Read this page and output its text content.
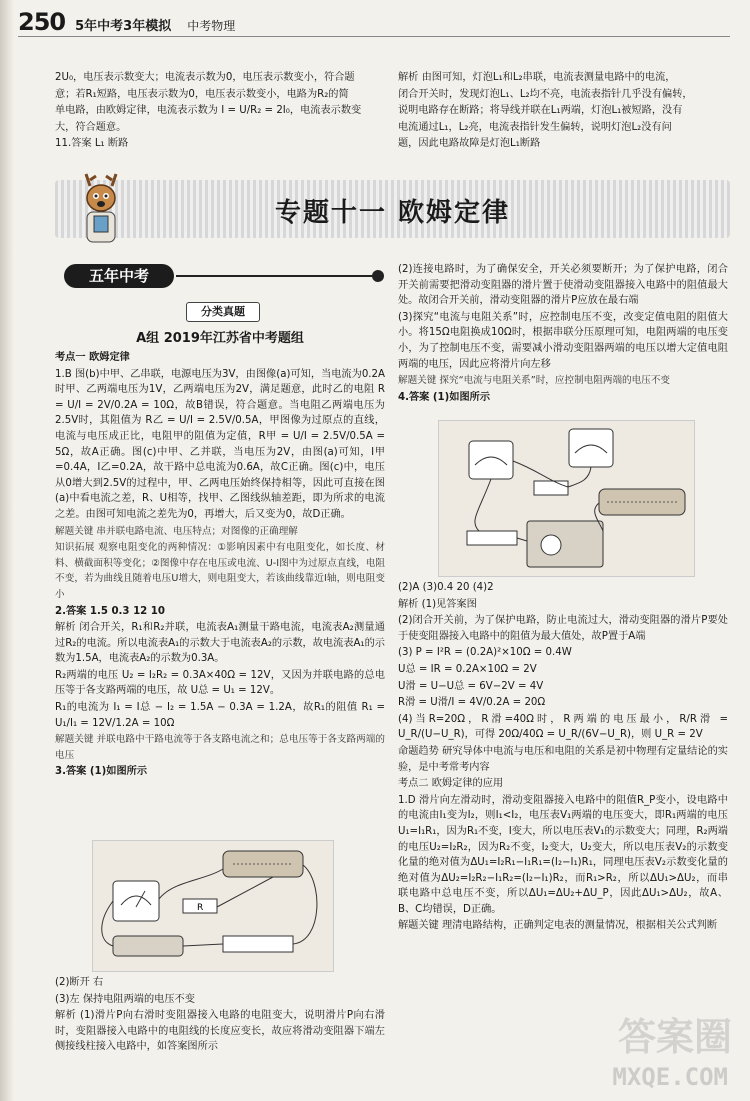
250 5年中考3年模拟 中考物理

2U₀，电压表示数变大；电流表示数为0，电压表示数变小，符合题

意；若R₁短路，电压表示数为0，电压表示数变小，电路为R₂的简

单电路，由欧姆定律，电流表示数为 I = U/R₂ = 2I₀，电流表示数变

大，符合题意。

11.答案 L₁ 断路

解析 由图可知，灯泡L₁和L₂串联，电流表测量电路中的电流，

闭合开关时，发现灯泡L₁、L₂均不亮，电流表指针几乎没有偏转，

说明电路存在断路；将导线并联在L₁两端，灯泡L₁被短路，没有

电流通过L₁，L₂亮，电流表指针发生偏转，说明灯泡L₂没有问

题，因此电路故障是灯泡L₁断路

专题十一 欧姆定律
五年中考
分类真题
A组 2019年江苏省中考题组

考点一 欧姆定律

1.B 图(b)中甲、乙串联，电源电压为3V，由图像(a)可知，当电流为0.2A时甲、乙两端电压为1V，乙两端电压为2V，满足题意，此时乙的电阻 R = U/I = 2V/0.2A = 10Ω，故B错误，符合题意。当电阻乙两端电压为2.5V时，其阻值为 R乙 = U/I = 2.5V/0.5A，甲图像为过原点的直线，电流与电压成正比，电阻甲的阻值为定值，R甲 = U/I = 2.5V/0.5A = 5Ω，故A正确。图(c)中甲、乙并联，当电压为2V，由图(a)可知，I甲=0.4A，I乙=0.2A，故干路中总电流为0.6A，故C正确。图(c)中，电压从0增大到2.5V的过程中，甲、乙两电压始终保持相等，因此可直接在图(a)中看电流之差，R、U相等，找甲、乙图线纵轴差距，即为所求的电流之差。由图可知电流之差先为0，再增大，后又变为0，故D正确。

解题关键 串并联电路电流、电压特点；对图像的正确理解

知识拓展 观察电阻变化的两种情况：①影响因素中有电阻变化，如长度、材料、横截面积等变化；②图像中存在电压或电流、U-I图中为过原点直线，电阻不变，若为曲线且随着电压U增大，则电阻变大，若该曲线靠近I轴，则电阻变小

2.答案 1.5 0.3 12 10

解析 闭合开关，R₁和R₂并联，电流表A₁测量干路电流，电流表A₂测量通过R₂的电流。所以电流表A₁的示数大于电流表A₂的示数，故电流表A₁的示数为1.5A，电流表A₂的示数为0.3A。

R₂两端的电压 U₂ = I₂R₂ = 0.3A×40Ω = 12V，又因为并联电路的总电压等于各支路两端的电压，故 U总 = U₁ = 12V。

R₁的电流为 I₁ = I总 − I₂ = 1.5A − 0.3A = 1.2A，故R₁的阻值 R₁ = U₁/I₁ = 12V/1.2A = 10Ω

解题关键 并联电路中干路电流等于各支路电流之和；总电压等于各支路两端的电压

3.答案 (1)如图所示

R

(2)断开 右

(3)左 保持电阻两端的电压不变

解析 (1)滑片P向右滑时变阻器接入电路的电阻变大，说明滑片P向右滑时，变阻器接入电路中的电阻线的长度应变长，故应将滑动变阻器下端左侧接线柱接入电路中，如答案图所示

(2)连接电路时，为了确保安全，开关必须要断开；为了保护电路，闭合开关前需要把滑动变阻器的滑片置于使滑动变阻器接入电路中的阻值最大处。故闭合开关前，滑动变阻器的滑片P应放在最右端

(3)探究“电流与电阻关系”时，应控制电压不变，改变定值电阻的阻值大小。将15Ω电阻换成10Ω时，根据串联分压原理可知，电阻两端的电压变小，为了控制电压不变，需要减小滑动变阻器两端的电压以增大定值电阻两端的电压，因此应将滑片向左移

解题关键 探究“电流与电阻关系”时，应控制电阻两端的电压不变

4.答案 (1)如图所示

(2)A (3)0.4 20 (4)2

解析 (1)见答案图

(2)闭合开关前，为了保护电路，防止电流过大，滑动变阻器的滑片P要处于使变阻器接入电路中的阻值为最大值处，故P置于A端

(3) P = I²R = (0.2A)²×10Ω = 0.4W

U总 = IR = 0.2A×10Ω = 2V

U滑 = U−U总 = 6V−2V = 4V

R滑 = U滑/I = 4V/0.2A = 20Ω

(4)当R=20Ω，R滑=40Ω时，R两端的电压最小，R/R滑 = U_R/(U−U_R)，可得 20Ω/40Ω = U_R/(6V−U_R)，则 U_R = 2V

命题趋势 研究导体中电流与电压和电阻的关系是初中物理有定量结论的实验，是中考常考内容

考点二 欧姆定律的应用

1.D 滑片向左滑动时，滑动变阻器接入电路中的阻值R_P变小，设电路中的电流由I₁变为I₂，则I₁<I₂，电压表V₁两端的电压变大，即R₁两端的电压U₁=I₁R₁，因为R₁不变，I变大，所以电压表V₁的示数变大；同理，R₂两端的电压U₂=I₂R₂，因为R₂不变，I₂变大，U₂变大，所以电压表V₂的示数变化量的绝对值为ΔU₁=I₂R₁−I₁R₁=(I₂−I₁)R₁，同理电压表V₂示数变化量的绝对值为ΔU₂=I₂R₂−I₁R₂=(I₂−I₁)R₂，而R₁>R₂，所以ΔU₁>ΔU₂，而串联电路中总电压不变，所以ΔU₁=ΔU₂+ΔU_P，因此ΔU₁>ΔU₂，故A、B、C均错误，D正确。

解题关键 理清电路结构，正确判定电表的测量情况，根据相关公式判断

答案圈
MXQE.COM
